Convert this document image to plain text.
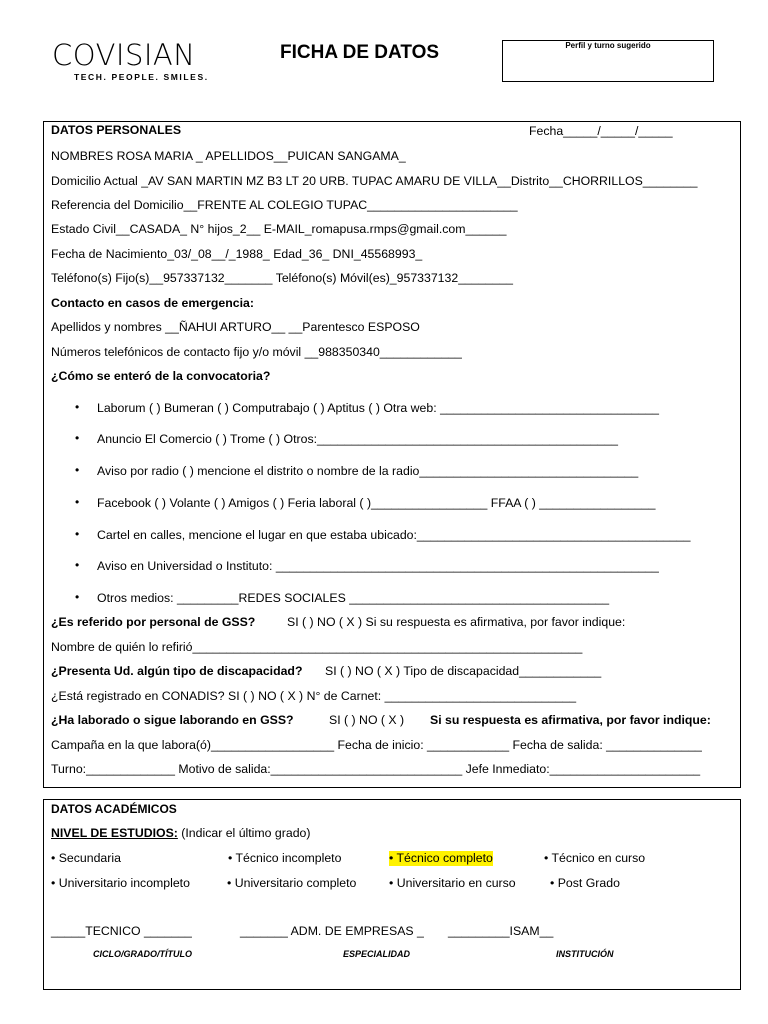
COVISIAN
TECH. PEOPLE. SMILES.
FICHA DE DATOS	Perfil y turno sugerido
DATOS PERSONALES	Fecha_____/_____/_____
NOMBRES ROSA MARIA _ APELLIDOS__PUICAN SANGAMA_
Domicilio Actual _AV SAN MARTIN MZ B3 LT 20 URB. TUPAC AMARU DE VILLA__Distrito__CHORRILLOS________
Referencia del Domicilio__FRENTE AL COLEGIO TUPAC______________________
Estado Civil__CASADA_ N° hijos_2__ E-MAIL_romapusa.rmps@gmail.com______
Fecha de Nacimiento_03/_08__/_1988_ Edad_36_ DNI_45568993_
Teléfono(s) Fijo(s)__957337132_______ Teléfono(s) Móvil(es)_957337132________
Contacto en casos de emergencia:
Apellidos y nombres __ÑAHUI ARTURO__ __Parentesco ESPOSO
Números telefónicos de contacto fijo y/o móvil __988350340____________
¿Cómo se enteró de la convocatoria?
• Laborum ( ) Bumeran ( ) Computrabajo ( ) Aptitus ( ) Otra web: ________________________________
• Anuncio El Comercio ( ) Trome ( ) Otros:____________________________________________
• Aviso por radio ( ) mencione el distrito o nombre de la radio________________________________
• Facebook ( ) Volante ( ) Amigos ( ) Feria laboral ( )_________________ FFAA ( ) _________________
• Cartel en calles, mencione el lugar en que estaba ubicado:________________________________________
• Aviso en Universidad o Instituto: ________________________________________________________
• Otros medios: _________REDES SOCIALES ______________________________________
¿Es referido por personal de GSS?	SI ( ) NO ( X ) Si su respuesta es afirmativa, por favor indique:
Nombre de quién lo refirió_________________________________________________________
¿Presenta Ud. algún tipo de discapacidad? SI ( ) NO ( X ) Tipo de discapacidad____________
¿Está registrado en CONADIS? SI ( ) NO ( X ) N° de Carnet: ____________________________
¿Ha laborado o sigue laborando en GSS?	SI ( ) NO ( X ) Si su respuesta es afirmativa, por favor indique:
Campaña en la que labora(ó)__________________ Fecha de inicio: ____________ Fecha de salida: ______________
Turno:_____________ Motivo de salida:____________________________ Jefe Inmediato:______________________
DATOS ACADÉMICOS
NIVEL DE ESTUDIOS: (Indicar el último grado)
• Secundaria	• Técnico incompleto	• Técnico completo	• Técnico en curso
• Universitario incompleto	• Universitario completo	• Universitario en curso	• Post Grado
_____TECNICO _______	_______ ADM. DE EMPRESAS _ _________ISAM__
CICLO/GRADO/TÍTULO	ESPECIALIDAD	INSTITUCIÓN
